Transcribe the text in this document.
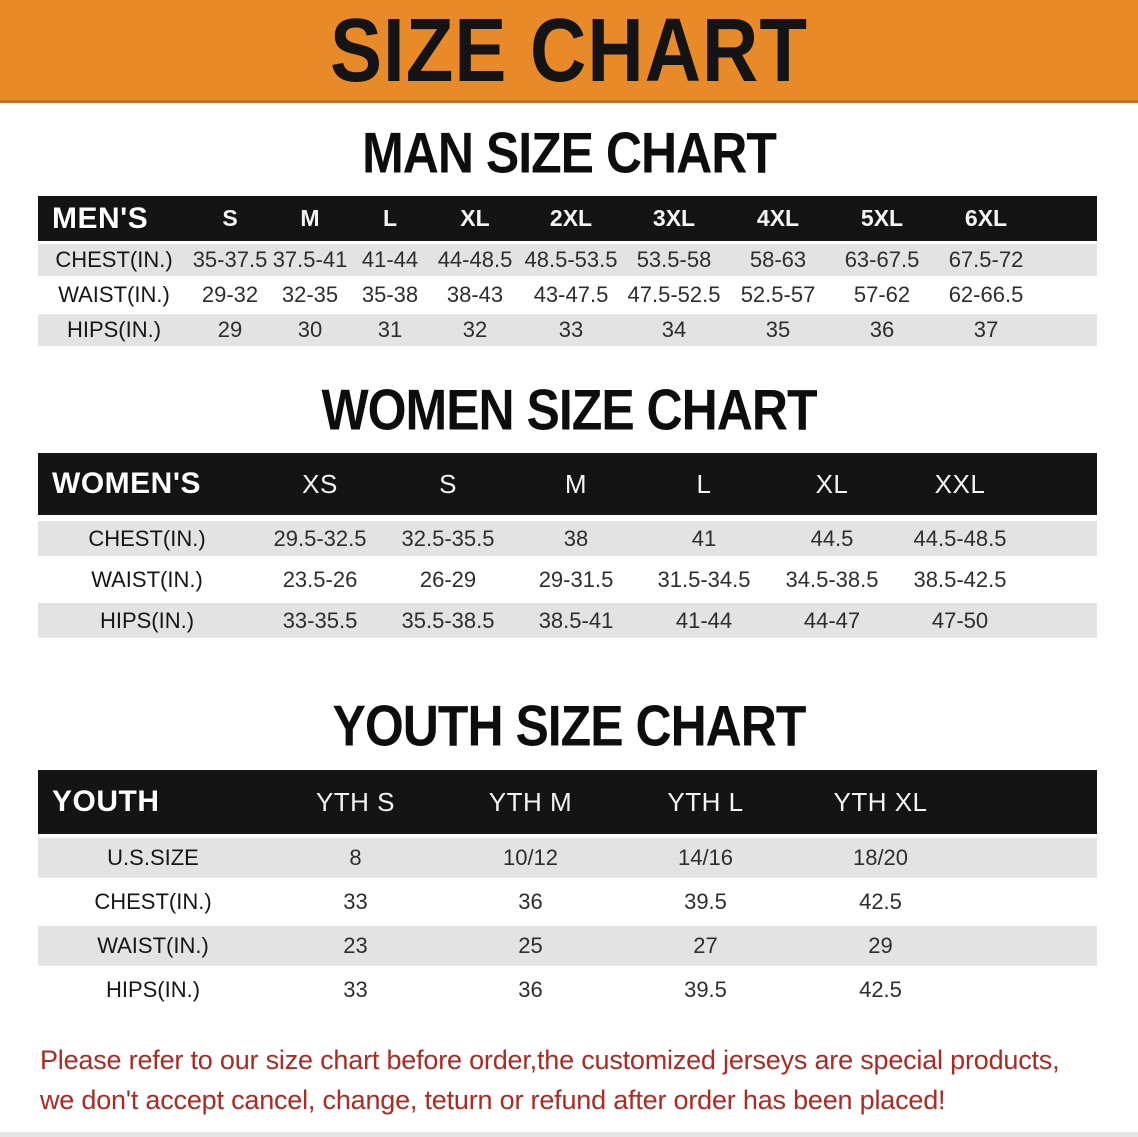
SIZE CHART
MAN SIZE CHART
MEN'S	S	M	L	XL	2XL	3XL	4XL	5XL	6XL
CHEST(IN.) 35-37.5 37.5-41 41-44 44-48.5 48.5-53.5 53.5-58	58-63	63-67.5	67.5-72
WAIST(IN.)	29-32	32-35	35-38	38-43	43-47.5 47.5-52.5 52.5-57	57-62	62-66.5
HIPS(IN.)	29	30	31	32	33	34	35	36	37
WOMEN SIZE CHART
WOMEN'S	XS	S	M	L	XL	XXL
CHEST(IN.)	29.5-32.5	32.5-35.5	38	41	44.5	44.5-48.5
WAIST(IN.)	23.5-26	26-29	29-31.5	31.5-34.5	34.5-38.5	38.5-42.5
HIPS(IN.)	33-35.5	35.5-38.5	38.5-41	41-44	44-47	47-50
YOUTH SIZE CHART
YOUTH	YTH S	YTH M	YTH L	YTH XL
U.S.SIZE	8	10/12	14/16	18/20
CHEST(IN.)	33	36	39.5	42.5
WAIST(IN.)	23	25	27	29
HIPS(IN.)	33	36	39.5	42.5

Please refer to our size chart before order,the customized jerseys are special products,
we don't accept cancel, change, teturn or refund after order has been placed!
